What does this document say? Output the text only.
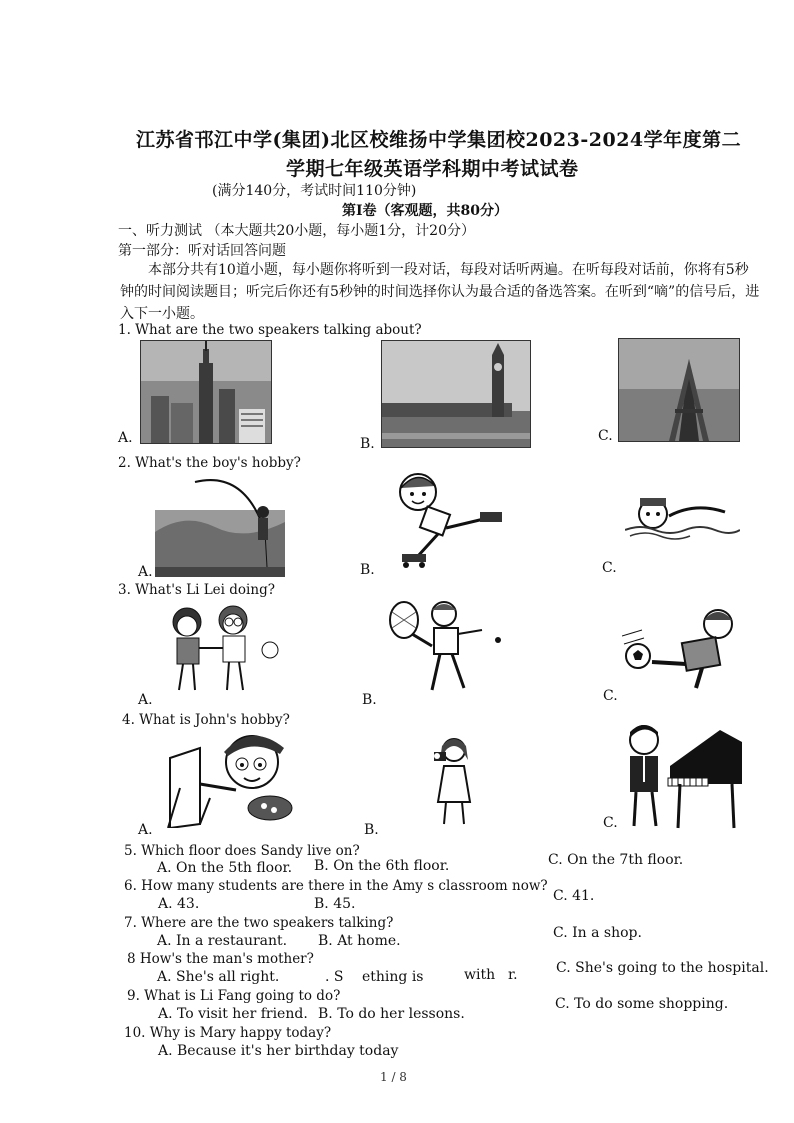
江苏省邗江中学(集团)北区校维扬中学集团校2023-2024学年度第二
学期七年级英语学科期中考试试卷
(满分140分，考试时间110分钟)
第Ⅰ卷（客观题，共80分）
一、听力测试 （本大题共20小题，每小题1分，计20分）
第一部分：听对话回答问题
本部分共有10道小题，每小题你将听到一段对话，每段对话听两遍。在听每段对话前，你将有5秒钟的时间阅读题目；听完后你还有5秒钟的时间选择你认为最合适的备选答案。在听到“嘀”的信号后，进入下一小题。
1. What are the two speakers talking about?
A.	B.	C.
2. What's the boy's hobby?
A.	B.	C.
3. What's Li Lei doing?
A.	B.	C.
4. What is John's hobby?
A.	B.	C.
5. Which floor does Sandy live on?
A. On the 5th floor. B. On the 6th floor.	C. On the 7th floor.
6. How many students are there in the Amy s classroom now?
A. 43.	B. 45.	C. 41.
7. Where are the two speakers talking?
A. In a restaurant. B. At home.	C. In a shop.
8 How's the man's mother?
A. She's all right.	. S ething is	with r.	C. She's going to the hospital.
9. What is Li Fang going to do?
A. To visit her friend. B. To do her lessons.
C. To do some shopping.
10. Why is Mary happy today?
A. Because it's her birthday today
1 / 8
